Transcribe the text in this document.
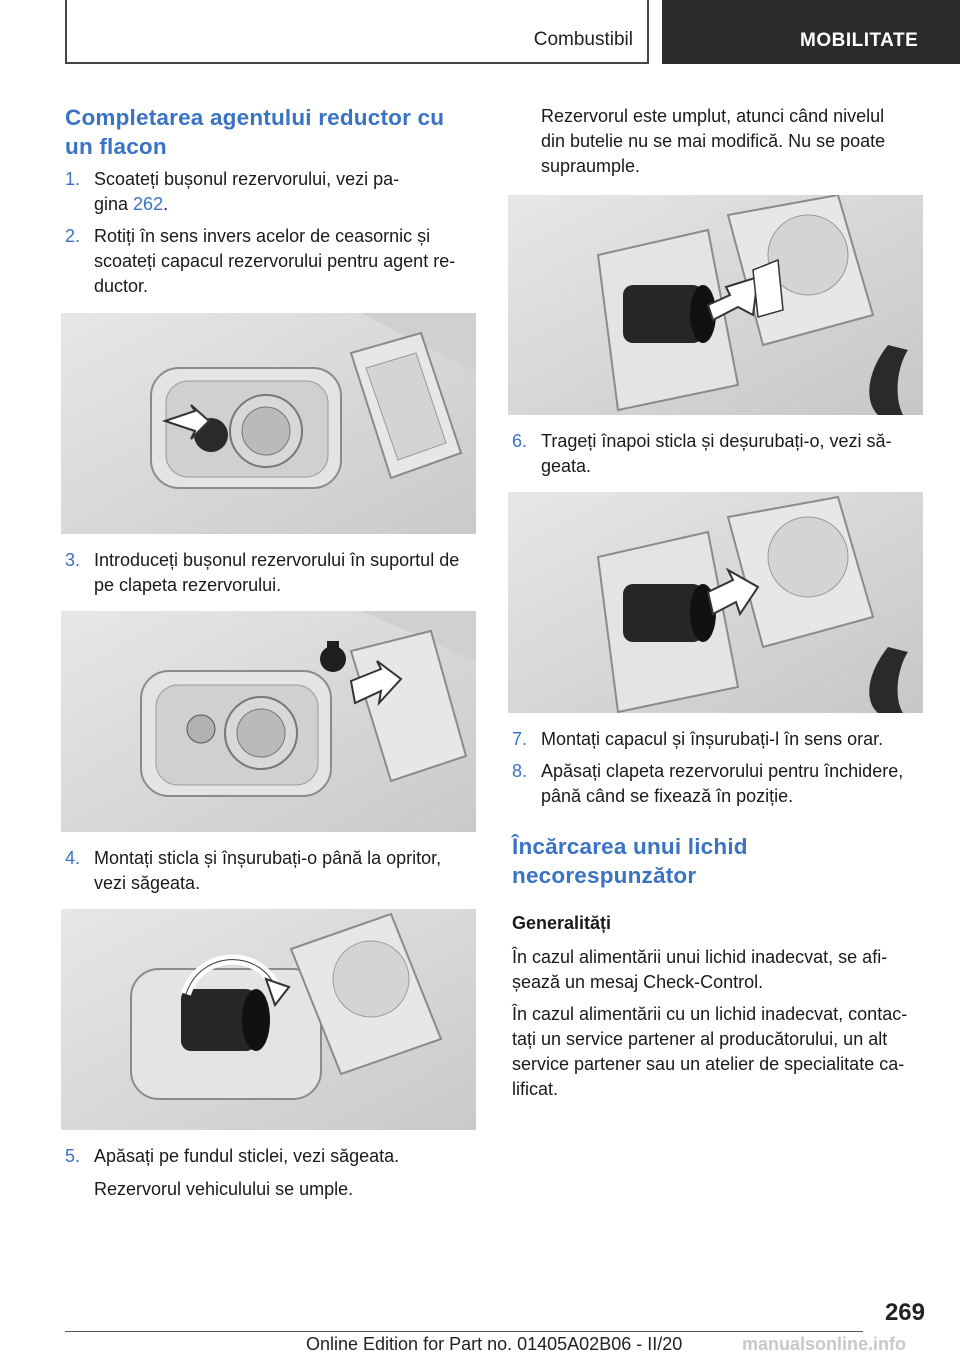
Combustibil	MOBILITATE
Completarea agentului reductor cu
un flacon
1. Scoateți bușonul rezervorului, vezi pa-
gina 262.
2. Rotiți în sens invers acelor de ceasornic și
scoateți capacul rezervorului pentru agent re-
ductor.
3. Introduceți bușonul rezervorului în suportul de
pe clapeta rezervorului.
4. Montați sticla și înșurubați-o până la opritor,
vezi săgeata.
5. Apăsați pe fundul sticlei, vezi săgeata.
Rezervorul vehiculului se umple.
Rezervorul este umplut, atunci când nivelul
din butelie nu se mai modifică. Nu se poate
supraumple.
6. Trageți înapoi sticla și deșurubați-o, vezi să-
geata.
7. Montați capacul și înșurubați-l în sens orar.
8. Apăsați clapeta rezervorului pentru închidere,
până când se fixează în poziție.
Încărcarea unui lichid
necorespunzător
Generalități
În cazul alimentării unui lichid inadecvat, se afi-
șează un mesaj Check-Control.
În cazul alimentării cu un lichid inadecvat, contac-
tați un service partener al producătorului, un alt
service partener sau un atelier de specialitate ca-
lificat.
269
Online Edition for Part no. 01405A02B06 - II/20	manualsonline.info
